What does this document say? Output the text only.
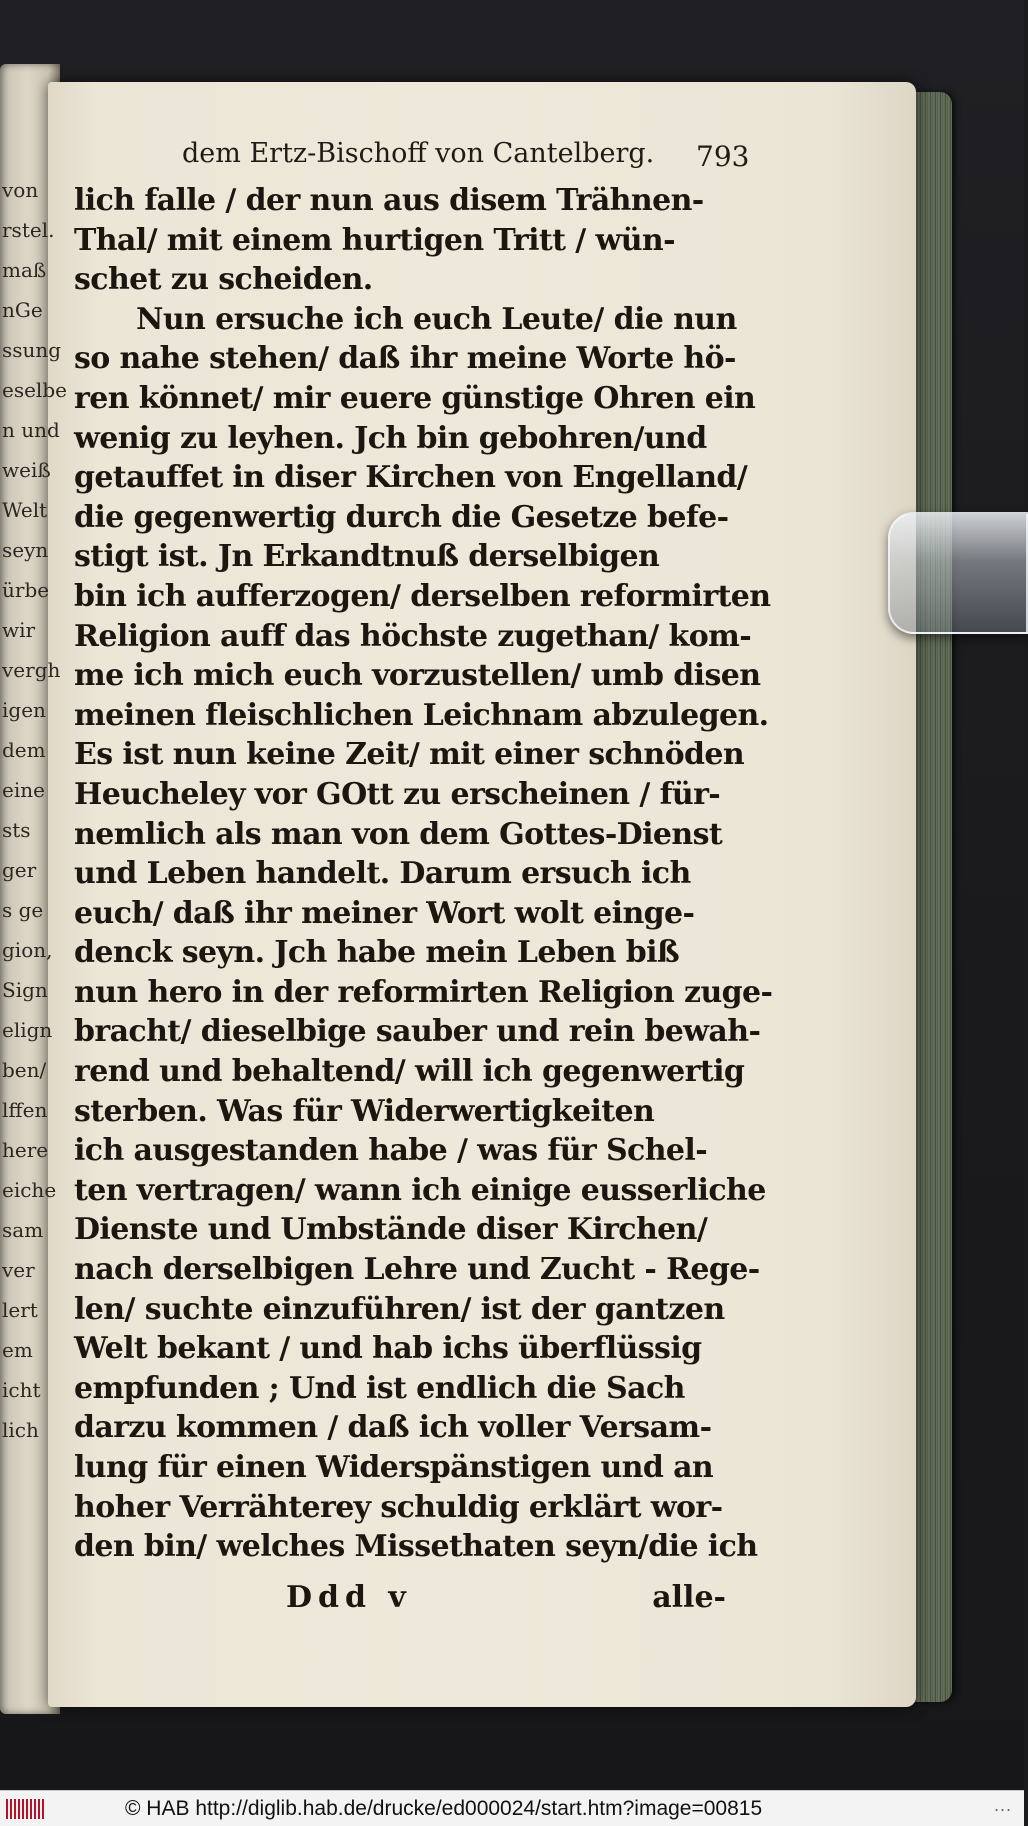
dem Ertz-Bischoff von Cantelberg.	793
lich falle / der nun aus disem Trähnen-
Thal/ mit einem hurtigen Tritt / wün-
schet zu scheiden.
Nun ersuche ich euch Leute/ die nun
so nahe stehen/ daß ihr meine Worte hö-
ren könnet/ mir euere günstige Ohren ein
wenig zu leyhen. Jch bin gebohren/und
getauffet in diser Kirchen von Engelland/
die gegenwertig durch die Gesetze befe-
stigt ist. Jn Erkandtnuß derselbigen
bin ich aufferzogen/ derselben reformirten
Religion auff das höchste zugethan/ kom-
me ich mich euch vorzustellen/ umb disen
meinen fleischlichen Leichnam abzulegen.
Es ist nun keine Zeit/ mit einer schnöden
Heucheley vor GOtt zu erscheinen / für-
nemlich als man von dem Gottes-Dienst
und Leben handelt. Darum ersuch ich
euch/ daß ihr meiner Wort wolt einge-
denck seyn. Jch habe mein Leben biß
nun hero in der reformirten Religion zuge-
bracht/ dieselbige sauber und rein bewah-
rend und behaltend/ will ich gegenwertig
sterben. Was für Widerwertigkeiten
ich ausgestanden habe / was für Schel-
ten vertragen/ wann ich einige eusserliche
Dienste und Umbstände diser Kirchen/
nach derselbigen Lehre und Zucht - Rege-
len/ suchte einzuführen/ ist der gantzen
Welt bekant / und hab ichs überflüssig
empfunden ; Und ist endlich die Sach
darzu kommen / daß ich voller Versam-
lung für einen Widerspänstigen und an
hoher Verrähterey schuldig erklärt wor-
den bin/ welches Missethaten seyn/die ich
Ddd v	alle-
von
rstel.
maß
nGe
ssung
eselbe
n und
weiß
Welt
seyn
ürbe
wir
vergh
igen
dem
eine
sts
ger
s ge
gion,
Sign
elign
ben/
lffen
here
eiche
sam
ver
lert
em
icht
lich
© HAB http://diglib.hab.de/drucke/ed000024/start.htm?image=00815	...
